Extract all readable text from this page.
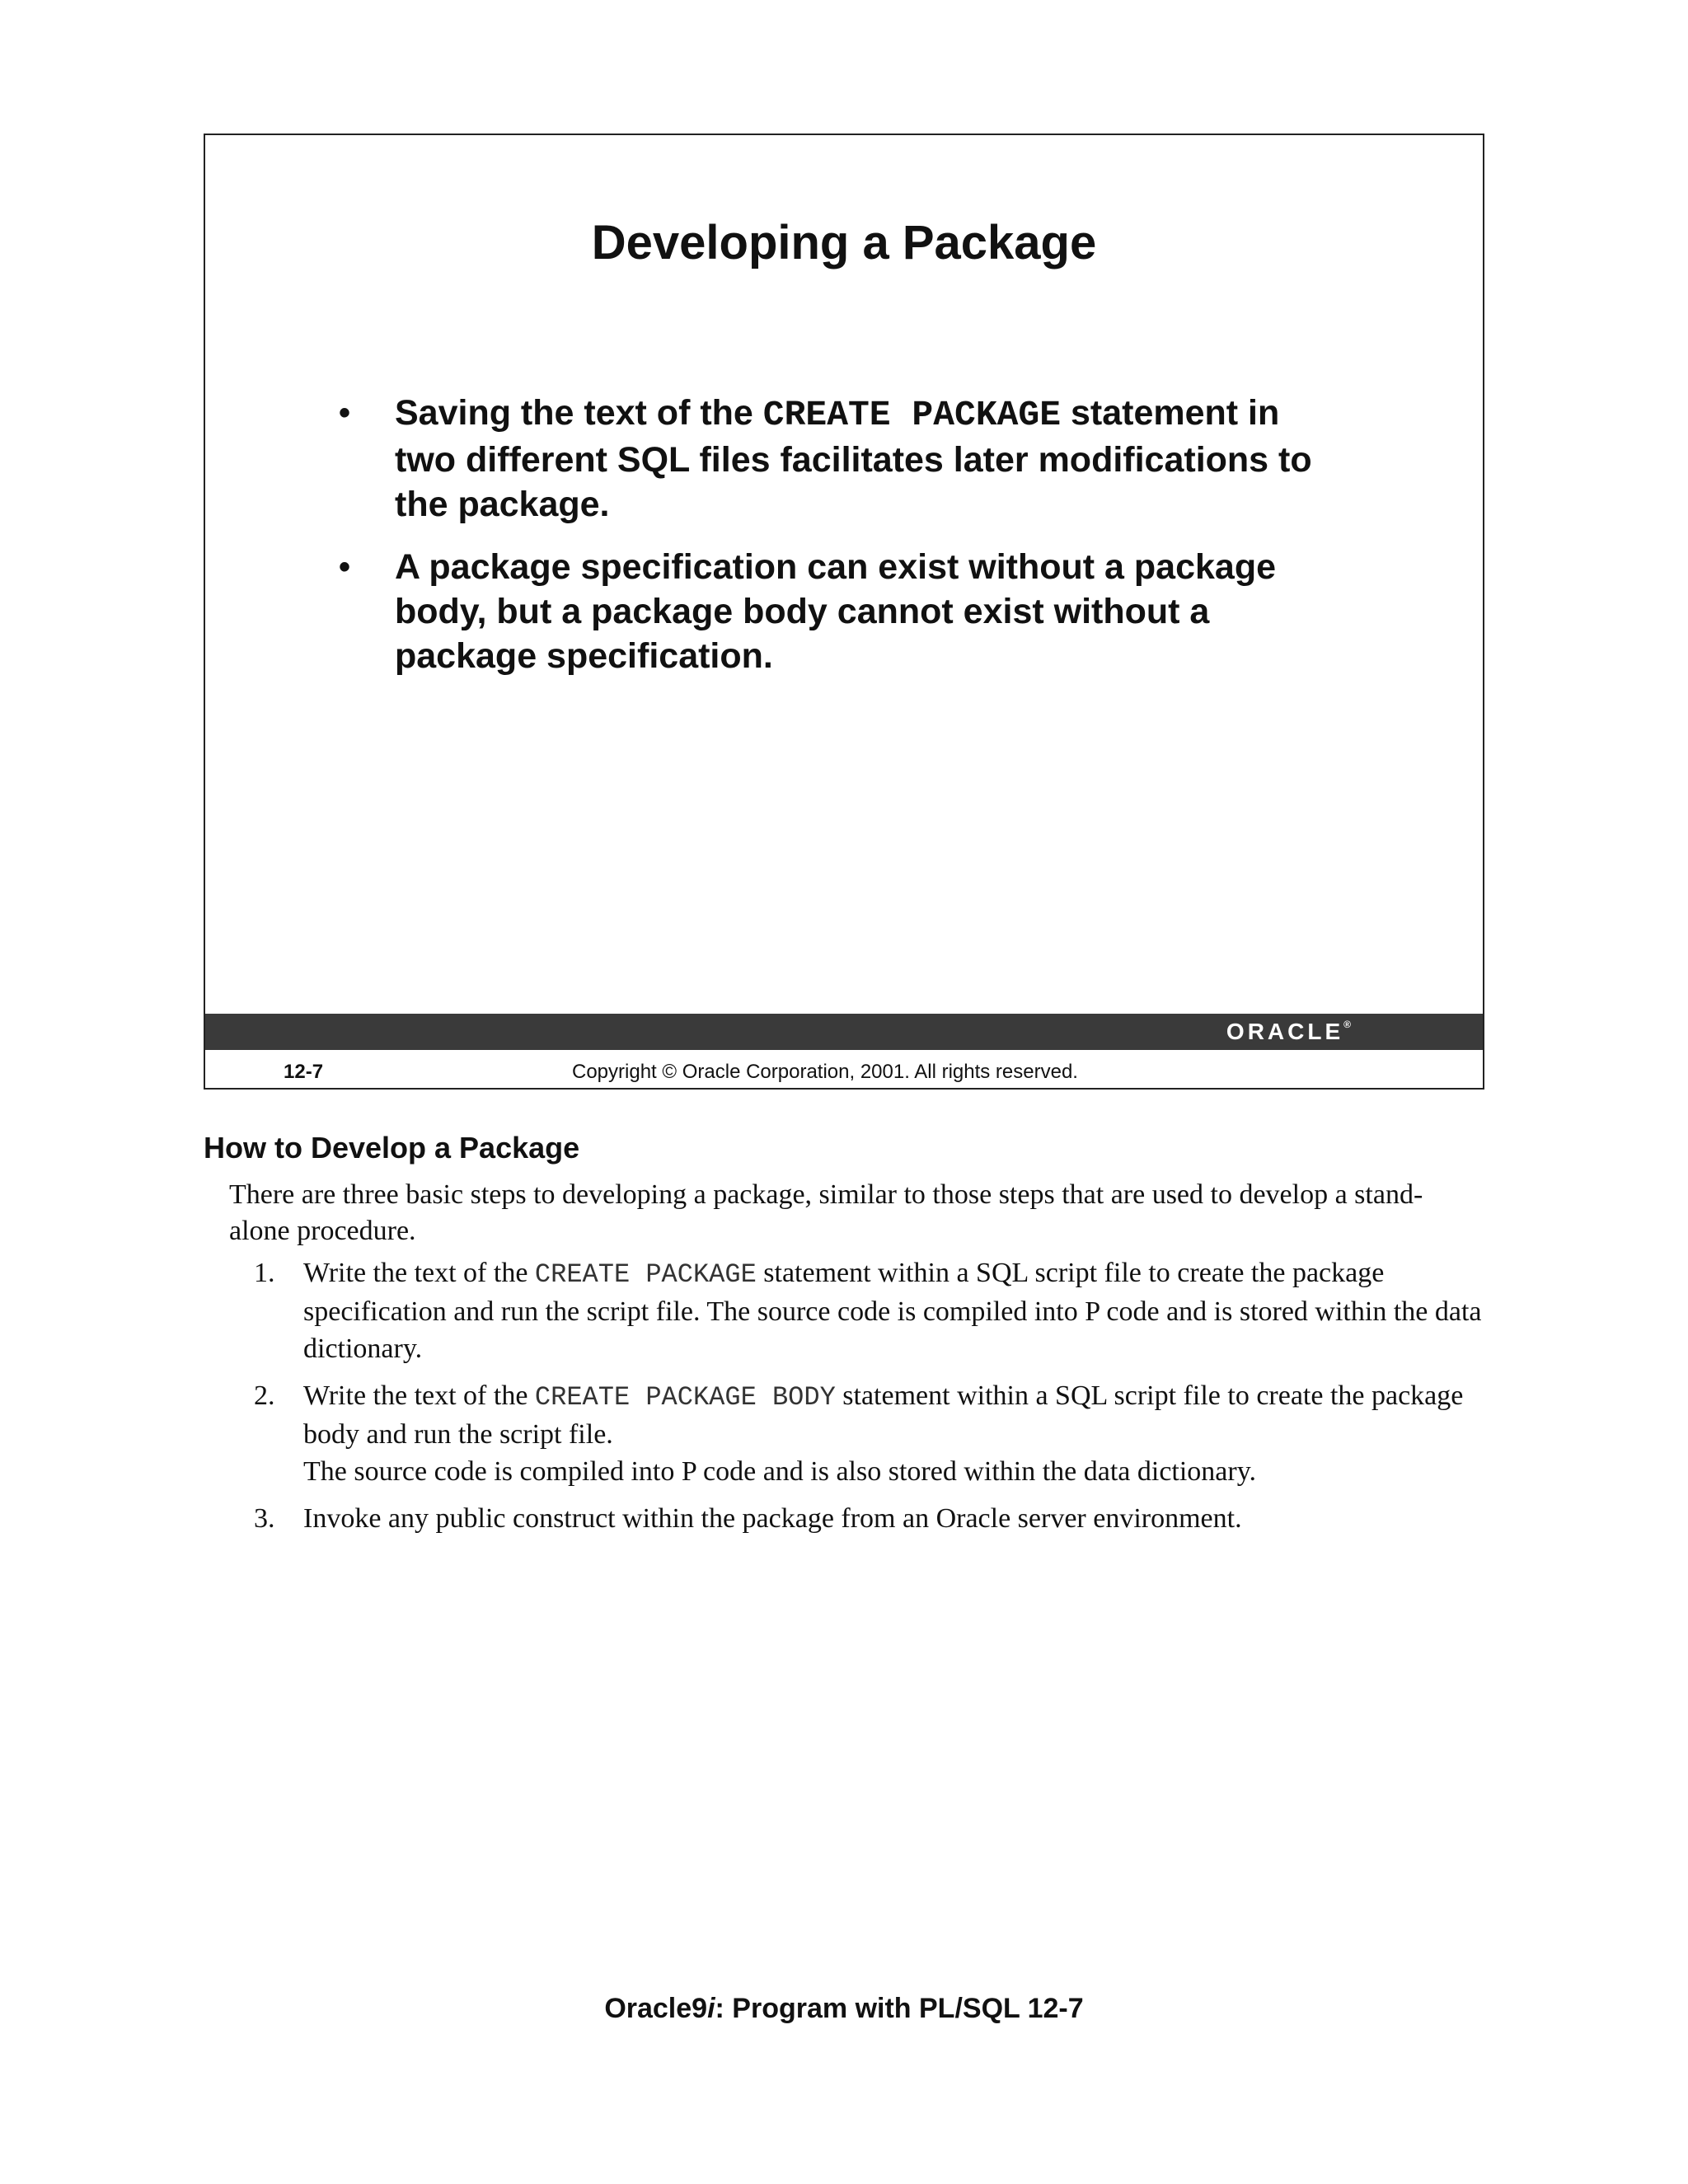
Developing a Package
• Saving the text of the CREATE PACKAGE statement in two different SQL files facilitates later modifications to the package.
• A package specification can exist without a package body, but a package body cannot exist without a package specification.
ORACLE®
12-7	Copyright © Oracle Corporation, 2001. All rights reserved.
How to Develop a Package

There are three basic steps to developing a package, similar to those steps that are used to develop a stand-alone procedure.

1. Write the text of the CREATE PACKAGE statement within a SQL script file to create the package specification and run the script file. The source code is compiled into P code and is stored within the data dictionary.
2. Write the text of the CREATE PACKAGE BODY statement within a SQL script file to create the package body and run the script file.
The source code is compiled into P code and is also stored within the data dictionary.
3. Invoke any public construct within the package from an Oracle server environment.
Oracle9i: Program with PL/SQL 12-7
